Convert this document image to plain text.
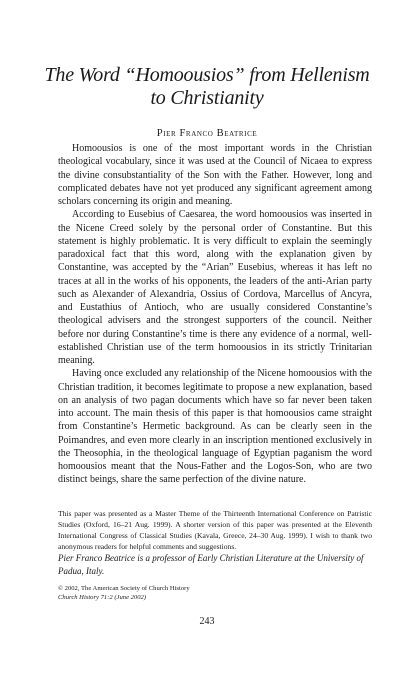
The Word “Homoousios” from Hellenism
to Christianity
Pier Franco Beatrice

Homoousios is one of the most important words in the Christian theological vocabulary, since it was used at the Council of Nicaea to express the divine consubstantiality of the Son with the Father. However, long and complicated debates have not yet produced any significant agreement among scholars concerning its origin and meaning.

According to Eusebius of Caesarea, the word homoousios was inserted in the Nicene Creed solely by the personal order of Constantine. But this statement is highly problematic. It is very difficult to explain the seemingly paradoxical fact that this word, along with the explanation given by Constantine, was accepted by the “Arian” Eusebius, whereas it has left no traces at all in the works of his opponents, the leaders of the anti-Arian party such as Alexander of Alexandria, Ossius of Cordova, Marcellus of Ancyra, and Eustathius of Antioch, who are usually considered Constantine’s theological advisers and the strongest supporters of the council. Neither before nor during Constantine’s time is there any evidence of a normal, well-established Christian use of the term homoousios in its strictly Trinitarian meaning.

Having once excluded any relationship of the Nicene homoousios with the Christian tradition, it becomes legitimate to propose a new explanation, based on an analysis of two pagan documents which have so far never been taken into account. The main thesis of this paper is that homoousios came straight from Constantine’s Hermetic background. As can be clearly seen in the Poimandres, and even more clearly in an inscription mentioned exclusively in the Theosophia, in the theological language of Egyptian paganism the word homoousios meant that the Nous-Father and the Logos-Son, who are two distinct beings, share the same perfection of the divine nature.

This paper was presented as a Master Theme of the Thirteenth International Conference on Patristic Studies (Oxford, 16–21 Aug. 1999). A shorter version of this paper was presented at the Eleventh International Congress of Classical Studies (Kavala, Greece, 24–30 Aug. 1999). I wish to thank two anonymous readers for helpful comments and suggestions.
Pier Franco Beatrice is a professor of Early Christian Literature at the University of Padua, Italy.
© 2002, The American Society of Church History
Church History 71:2 (June 2002)
243
